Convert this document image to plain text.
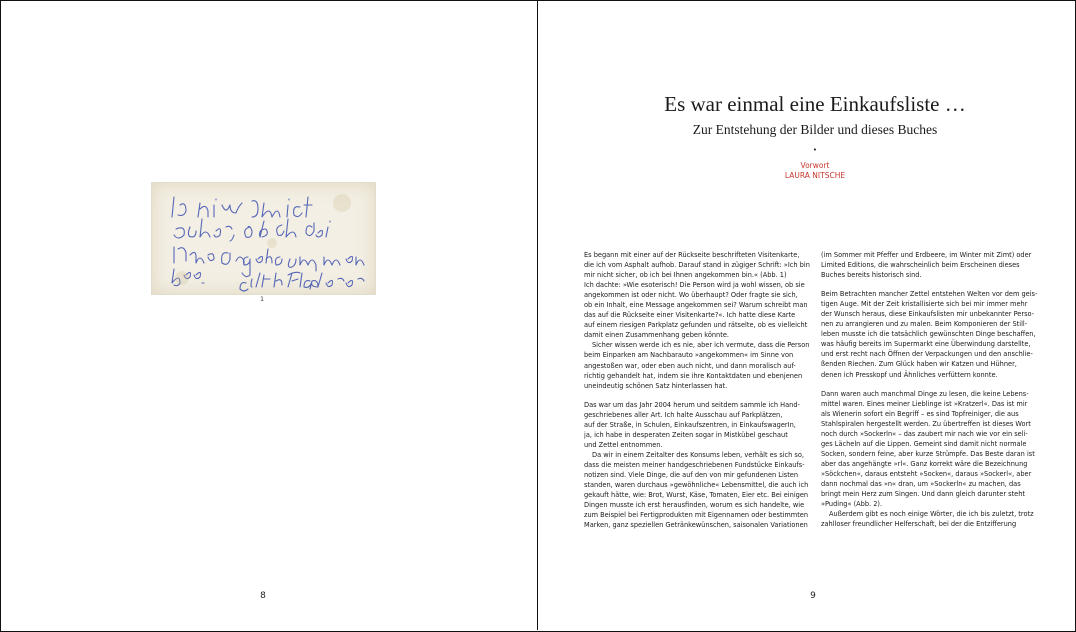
1
8
Es war einmal eine Einkaufsliste …
Zur Entstehung der Bilder und dieses Buches
•
Vorwort
LAURA NITSCHE

Es begann mit einer auf der Rückseite beschrifteten Visitenkarte,

die ich vom Asphalt aufhob. Darauf stand in zügiger Schrift: »Ich bin

mir nicht sicher, ob ich bei Ihnen angekommen bin.« (Abb. 1)

Ich dachte: »Wie esoterisch! Die Person wird ja wohl wissen, ob sie

angekommen ist oder nicht. Wo überhaupt? Oder fragte sie sich,

ob ein Inhalt, eine Message angekommen sei? Warum schreibt man

das auf die Rückseite einer Visitenkarte?«. Ich hatte diese Karte

auf einem riesigen Parkplatz gefunden und rätselte, ob es vielleicht

damit einen Zusammenhang geben könnte.

Sicher wissen werde ich es nie, aber ich vermute, dass die Person

beim Einparken am Nachbarauto »angekommen« im Sinne von

angestoßen war, oder eben auch nicht, und dann moralisch auf-

richtig gehandelt hat, indem sie ihre Kontaktdaten und ebenjenen

uneindeutig schönen Satz hinterlassen hat.

Das war um das Jahr 2004 herum und seitdem sammle ich Hand-

geschriebenes aller Art. Ich halte Ausschau auf Parkplätzen,

auf der Straße, in Schulen, Einkaufszentren, in EinkaufswagerIn,

ja, ich habe in desperaten Zeiten sogar in Mistkübel geschaut

und Zettel entnommen.

Da wir in einem Zeitalter des Konsums leben, verhält es sich so,

dass die meisten meiner handgeschriebenen Fundstücke Einkaufs-

notizen sind. Viele Dinge, die auf den von mir gefundenen Listen

standen, waren durchaus »gewöhnliche« Lebensmittel, die auch ich

gekauft hätte, wie: Brot, Wurst, Käse, Tomaten, Eier etc. Bei einigen

Dingen musste ich erst herausfinden, worum es sich handelte, wie

zum Beispiel bei Fertigprodukten mit Eigennamen oder bestimmten

Marken, ganz speziellen Getränkewünschen, saisonalen Variationen

(im Sommer mit Pfeffer und Erdbeere, im Winter mit Zimt) oder

Limited Editions, die wahrscheinlich beim Erscheinen dieses

Buches bereits historisch sind.

Beim Betrachten mancher Zettel entstehen Welten vor dem geis-

tigen Auge. Mit der Zeit kristallisierte sich bei mir immer mehr

der Wunsch heraus, diese Einkaufslisten mir unbekannter Perso-

nen zu arrangieren und zu malen. Beim Komponieren der Still-

leben musste ich die tatsächlich gewünschten Dinge beschaffen,

was häufig bereits im Supermarkt eine Überwindung darstellte,

und erst recht nach Öffnen der Verpackungen und den anschlie-

ßenden Riechen. Zum Glück haben wir Katzen und Hühner,

denen ich Presskopf und Ähnliches verfüttern konnte.

Dann waren auch manchmal Dinge zu lesen, die keine Lebens-

mittel waren. Eines meiner Lieblinge ist »Kratzerl«. Das ist mir

als Wienerin sofort ein Begriff – es sind Topfreiniger, die aus

Stahlspiralen hergestellt werden. Zu übertreffen ist dieses Wort

noch durch »Sockerln« – das zaubert mir nach wie vor ein seli-

ges Lächeln auf die Lippen. Gemeint sind damit nicht normale

Socken, sondern feine, aber kurze Strümpfe. Das Beste daran ist

aber das angehängte »rl«. Ganz korrekt wäre die Bezeichnung

»Söckchen«, daraus entsteht »Socken«, daraus »Sockerl«, aber

dann nochmal das »n« dran, um »Sockerln« zu machen, das

bringt mein Herz zum Singen. Und dann gleich darunter steht

»Puding« (Abb. 2).

Außerdem gibt es noch einige Wörter, die ich bis zuletzt, trotz

zahlloser freundlicher Helferschaft, bei der die Entzifferung

9
